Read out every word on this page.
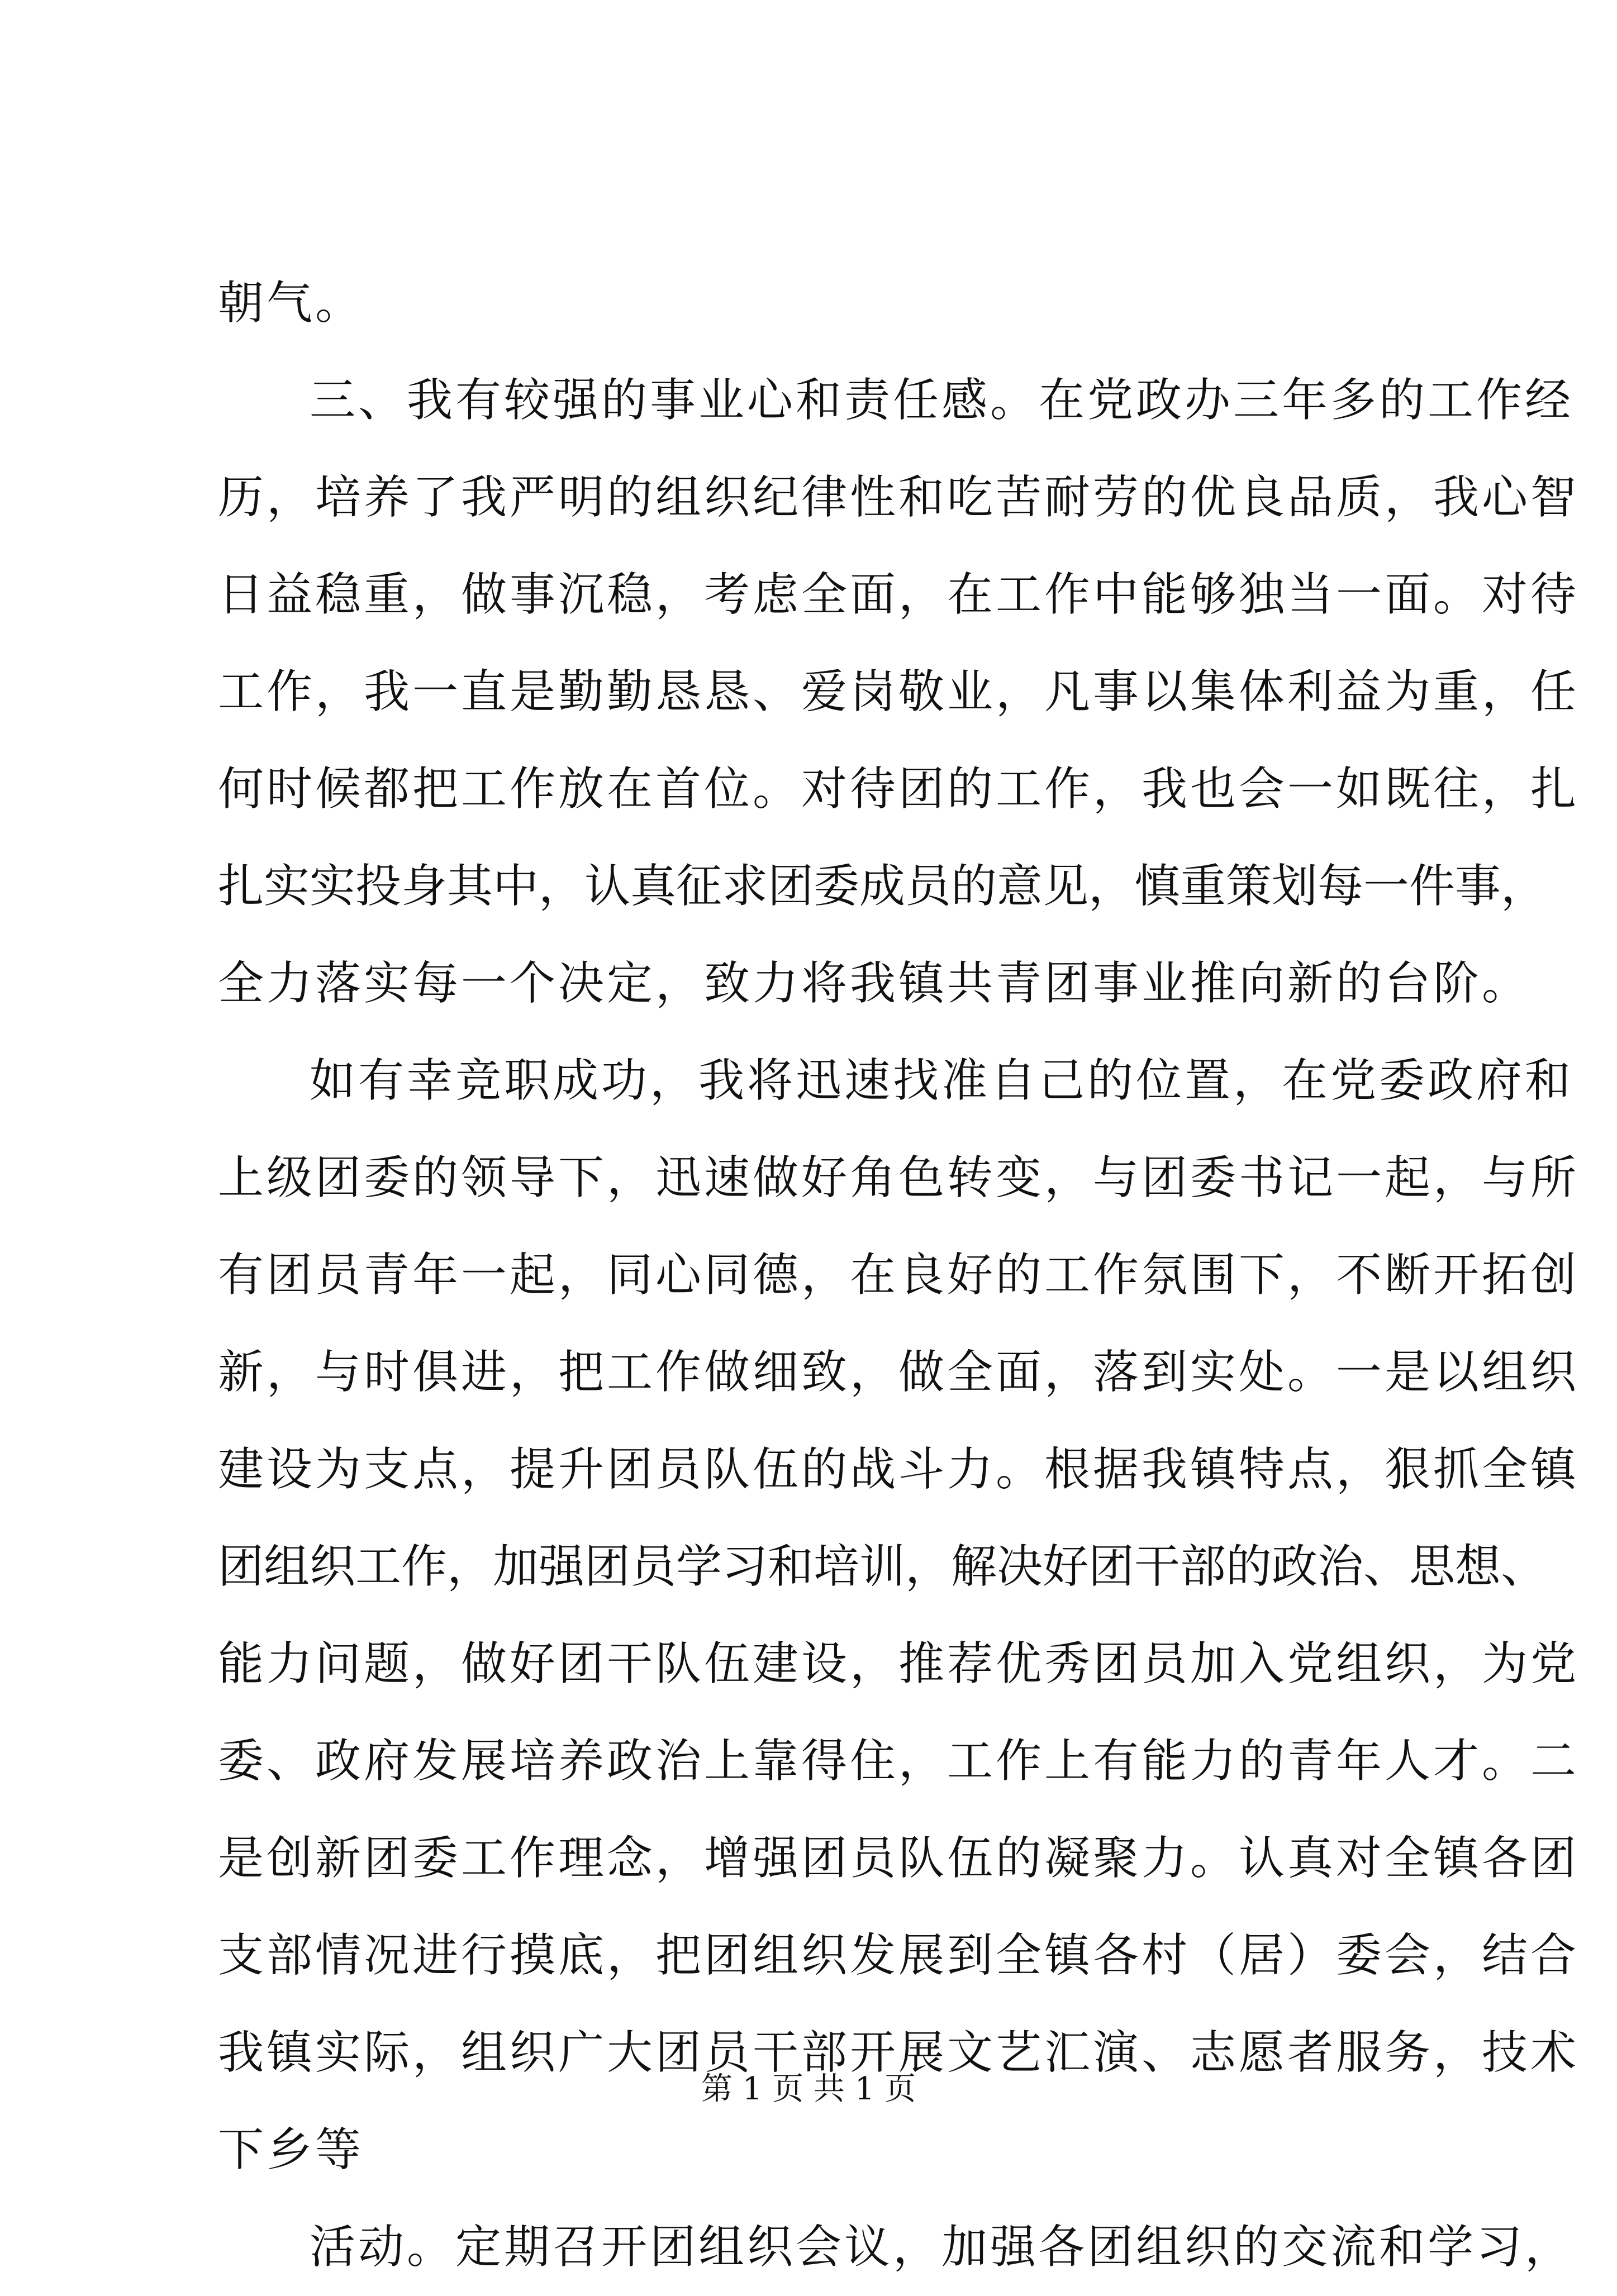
朝气。
三、我有较强的事业心和责任感。在党政办三年多的工作经
历，培养了我严明的组织纪律性和吃苦耐劳的优良品质，我心智
日益稳重，做事沉稳，考虑全面，在工作中能够独当一面。对待
工作，我一直是勤勤恳恳、爱岗敬业，凡事以集体利益为重，任
何时候都把工作放在首位。对待团的工作，我也会一如既往，扎
扎实实投身其中，认真征求团委成员的意见，慎重策划每一件事，
全力落实每一个决定，致力将我镇共青团事业推向新的台阶。
如有幸竞职成功，我将迅速找准自己的位置，在党委政府和
上级团委的领导下，迅速做好角色转变，与团委书记一起，与所
有团员青年一起，同心同德，在良好的工作氛围下，不断开拓创
新，与时俱进，把工作做细致，做全面，落到实处。一是以组织
建设为支点，提升团员队伍的战斗力。根据我镇特点，狠抓全镇
团组织工作，加强团员学习和培训，解决好团干部的政治、思想、
能力问题，做好团干队伍建设，推荐优秀团员加入党组织，为党
委、政府发展培养政治上靠得住，工作上有能力的青年人才。二
是创新团委工作理念，增强团员队伍的凝聚力。认真对全镇各团
支部情况进行摸底，把团组织发展到全镇各村（居）委会，结合
我镇实际，组织广大团员干部开展文艺汇演、志愿者服务，技术
下乡等
活动。定期召开团组织会议，加强各团组织的交流和学习，
第 1 页 共 1 页
